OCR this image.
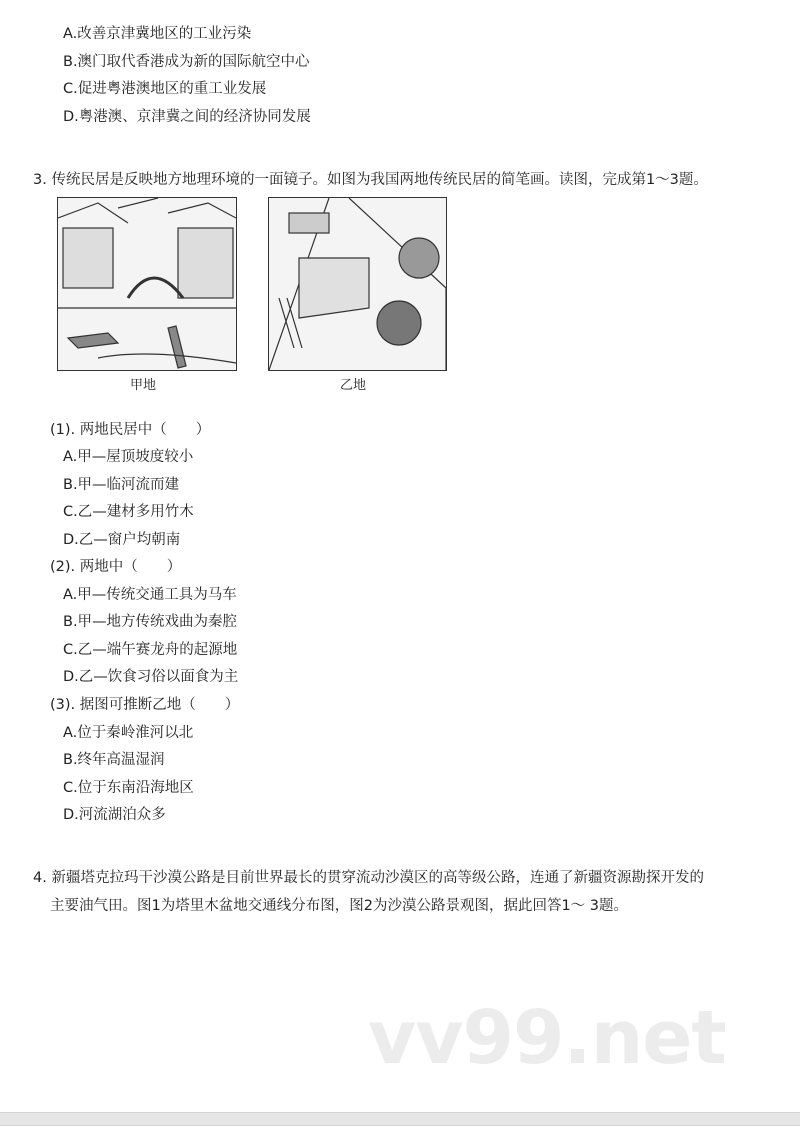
A.改善京津冀地区的工业污染
B.澳门取代香港成为新的国际航空中心
C.促进粤港澳地区的重工业发展
D.粤港澳、京津冀之间的经济协同发展
3. 传统民居是反映地方地理环境的一面镜子。如图为我国两地传统民居的简笔画。读图，完成第1～3题。
甲地	乙地
(1). 两地民居中（　　）
A.甲—屋顶坡度较小
B.甲—临河流而建
C.乙—建材多用竹木
D.乙—窗户均朝南
(2). 两地中（　　）
A.甲—传统交通工具为马车
B.甲—地方传统戏曲为秦腔
C.乙—端午赛龙舟的起源地
D.乙—饮食习俗以面食为主
(3). 据图可推断乙地（　　）
A.位于秦岭淮河以北
B.终年高温湿润
C.位于东南沿海地区
D.河流湖泊众多
4. 新疆塔克拉玛干沙漠公路是目前世界最长的贯穿流动沙漠区的高等级公路，连通了新疆资源勘探开发的
主要油气田。图1为塔里木盆地交通线分布图，图2为沙漠公路景观图，据此回答1～ 3题。
vv99.net
